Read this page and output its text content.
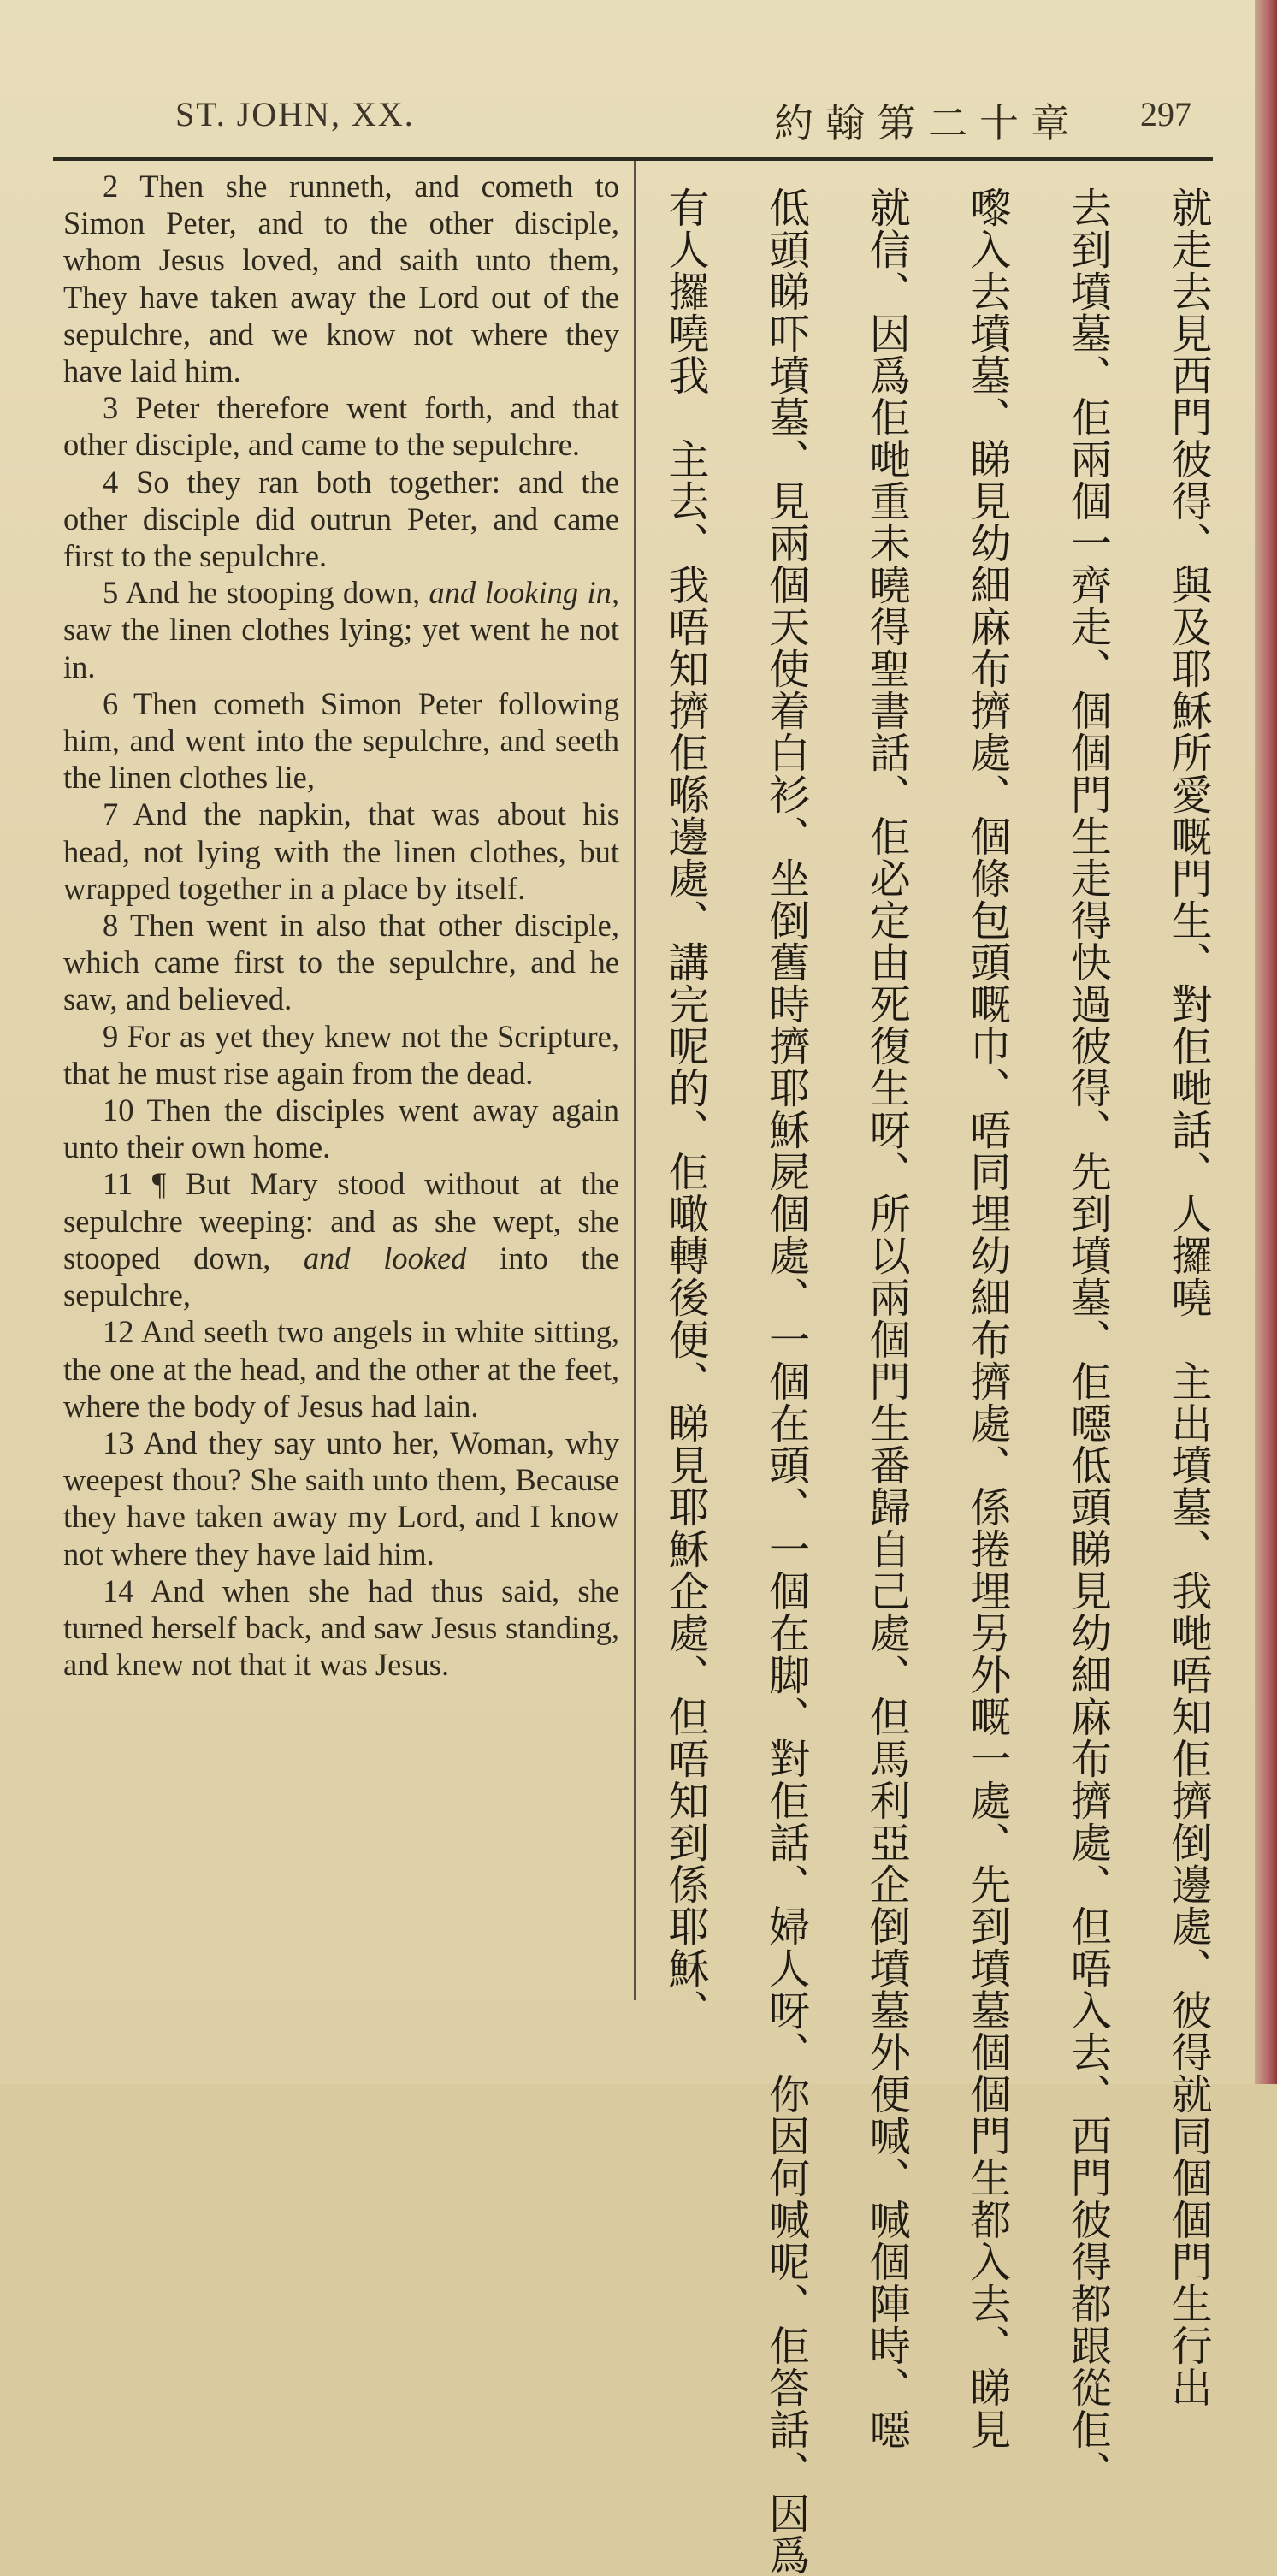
ST. JOHN, XX.	約翰第二十章 297

2 Then she runneth, and cometh to Simon Peter, and to the other disciple, whom Jesus loved, and saith unto them, They have taken away the Lord out of the sepulchre, and we know not where they have laid him.

3 Peter therefore went forth, and that other disciple, and came to the sepulchre.

4 So they ran both together: and the other disciple did outrun Peter, and came first to the sepulchre.

5 And he stooping down, and looking in, saw the linen clothes lying; yet went he not in.

6 Then cometh Simon Peter following him, and went into the sepulchre, and seeth the linen clothes lie,

7 And the napkin, that was about his head, not lying with the linen clothes, but wrapped together in a place by itself.

8 Then went in also that other disciple, which came first to the sepulchre, and he saw, and believed.

9 For as yet they knew not the Scripture, that he must rise again from the dead.

10 Then the disciples went away again unto their own home.

11 ¶ But Mary stood without at the sepulchre weeping: and as she wept, she stooped down, and looked into the sepulchre,

12 And seeth two angels in white sitting, the one at the head, and the other at the feet, where the body of Jesus had lain.

13 And they say unto her, Woman, why weepest thou? She saith unto them, Because they have taken away my Lord, and I know not where they have laid him.

14 And when she had thus said, she turned herself back, and saw Jesus standing, and knew not that it was Jesus.	就走去見西門彼得、與及耶穌所愛嘅門生、對佢哋話、人攞嘵　主出墳墓、我哋唔知佢擠倒邊處、彼得就同個個門生行出
去到墳墓、佢兩個一齊走、個個門生走得快過彼得、先到墳墓、佢噁低頭睇見幼細麻布擠處、但唔入去、西門彼得都跟從佢、
嚟入去墳墓、睇見幼細麻布擠處、個條包頭嘅巾、唔同埋幼細布擠處、係捲埋另外嘅一處、先到墳墓個個門生都入去、睇見
就信、因爲佢哋重未曉得聖書話、佢必定由死復生呀、所以兩個門生番歸自己處、但馬利亞企倒墳墓外便喊、喊個陣時、噁
低頭睇吓墳墓、見兩個天使着白衫、坐倒舊時擠耶穌屍個處、一個在頭、一個在脚、對佢話、婦人呀、你因何喊呢、佢答話、因爲
有人攞嘵我　主去、我唔知擠佢喺邊處、講完呢的、佢噉轉後便、睇見耶穌企處、但唔知到係耶穌、
